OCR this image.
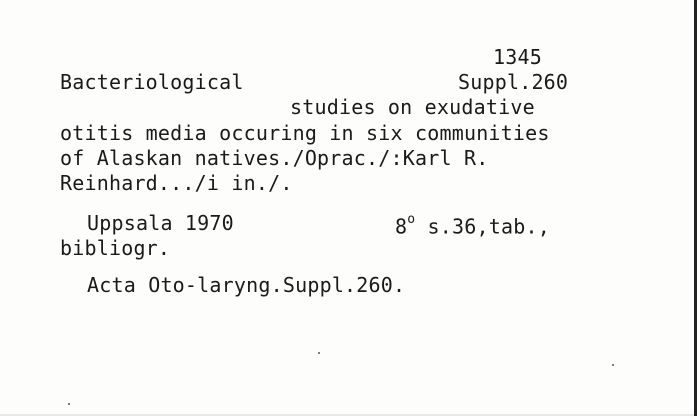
1345
Bacteriological	Suppl.260
studies on exudative
otitis media occuring in six communities
of Alaskan natives./Oprac./:Karl R.
Reinhard.../i in./.
Uppsala 1970	8$^o$ s.36,tab.,
bibliogr.
Acta Oto-laryng.Suppl.260.
